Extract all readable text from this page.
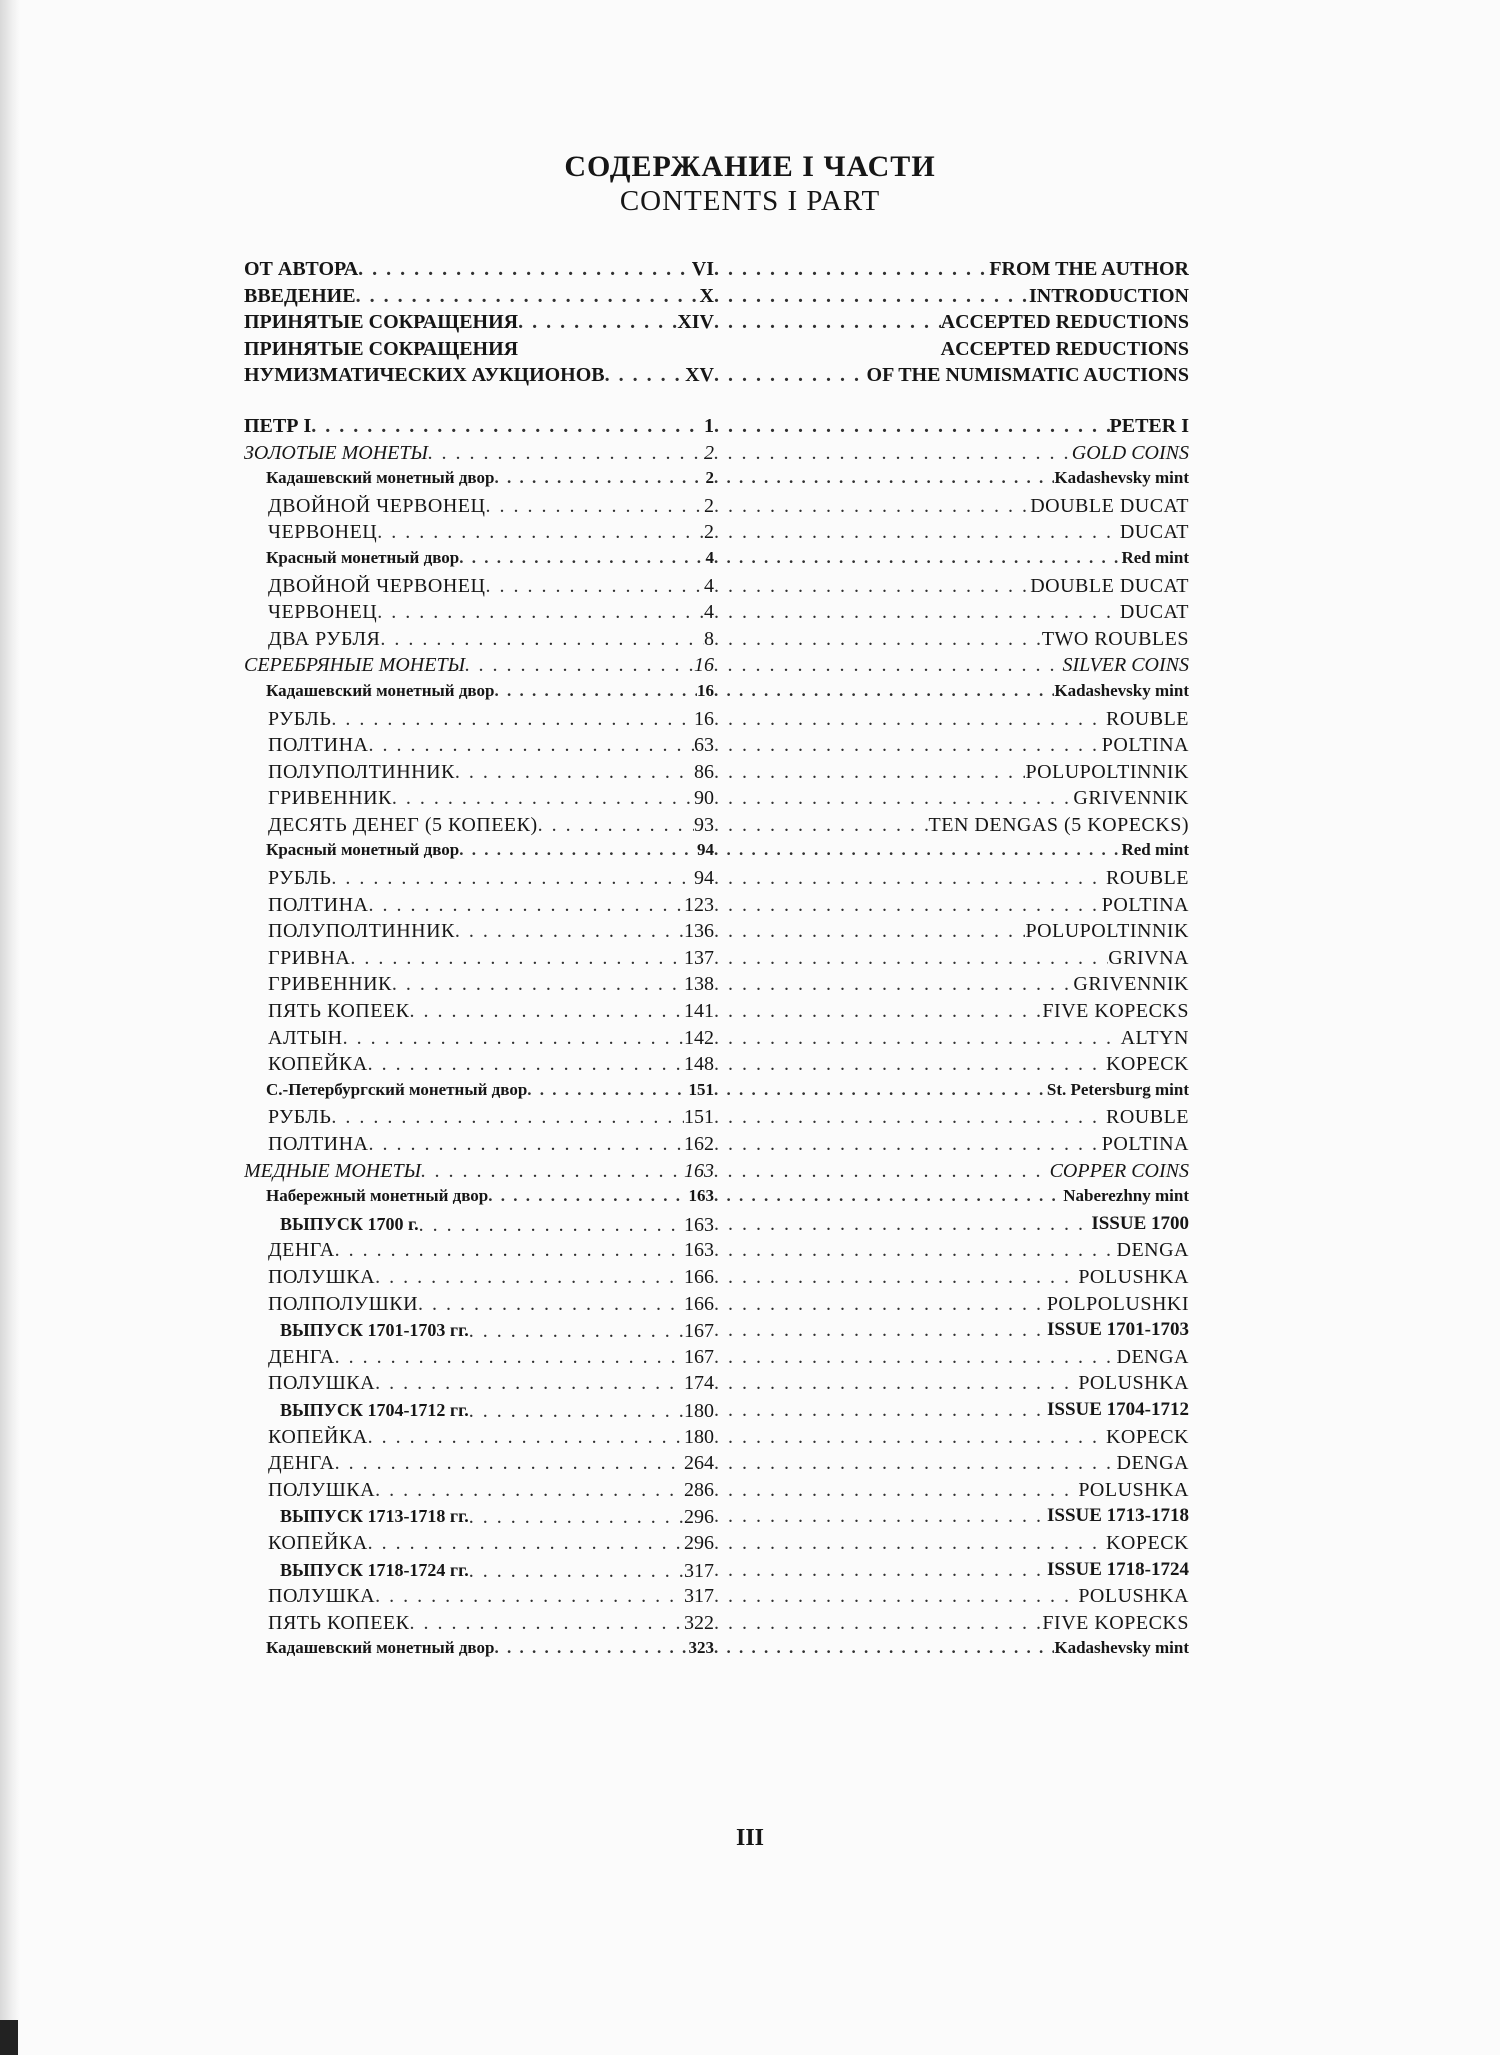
СОДЕРЖАНИЕ I ЧАСТИ
CONTENTS I PART
ОТ АВТОРА . . .	VI . . .	FROM THE AUTHOR
ВВЕДЕНИЕ . . .	X . . .	INTRODUCTION
ПРИНЯТЫЕ СОКРАЩЕНИЯ . . .	XIV . . .	ACCEPTED REDUCTIONS
ПРИНЯТЫЕ СОКРАЩЕНИЯ	ACCEPTED REDUCTIONS
НУМИЗМАТИЧЕСКИХ АУКЦИОНОВ . . .	XV . . .	OF THE NUMISMATIC AUCTIONS
ПЕТР I . . .	1 . . .	PETER I
ЗОЛОТЫЕ МОНЕТЫ . . .	2 . . .	GOLD COINS
Кадашевский монетный двор . . .	2 . . .	Kadashevsky mint
ДВОЙНОЙ ЧЕРВОНЕЦ . . .	2 . . .	DOUBLE DUCAT
ЧЕРВОНЕЦ . . .	2 . . .	DUCAT
Красный монетный двор . . .	4 . . .	Red mint
ДВОЙНОЙ ЧЕРВОНЕЦ . . .	4 . . .	DOUBLE DUCAT
ЧЕРВОНЕЦ . . .	4 . . .	DUCAT
ДВА РУБЛЯ . . .	8 . . .	TWO ROUBLES
СЕРЕБРЯНЫЕ МОНЕТЫ . . .	16 . . .	SILVER COINS
Кадашевский монетный двор . . .	16 . . .	Kadashevsky mint
РУБЛЬ . . .	16 . . .	ROUBLE
ПОЛТИНА . . .	63 . . .	POLTINA
ПОЛУПОЛТИННИК . . .	86 . . .	POLUPOLTINNIK
ГРИВЕННИК . . .	90 . . .	GRIVENNIK
ДЕСЯТЬ ДЕНЕГ (5 КОПЕЕК) . . .	93 . . .	TEN DENGAS (5 KOPECKS)
Красный монетный двор . . .	94 . . .	Red mint
РУБЛЬ . . .	94 . . .	ROUBLE
ПОЛТИНА . . .	123 . . .	POLTINA
ПОЛУПОЛТИННИК . . .	136 . . .	POLUPOLTINNIK
ГРИВНА . . .	137 . . .	GRIVNA
ГРИВЕННИК . . .	138 . . .	GRIVENNIK
ПЯТЬ КОПЕЕК . . .	141 . . .	FIVE KOPECKS
АЛТЫН . . .	142 . . .	ALTYN
КОПЕЙКА . . .	148 . . .	KOPECK
С.-Петербургский монетный двор . . .	151 . . .	St. Petersburg mint
РУБЛЬ . . .	151 . . .	ROUBLE
ПОЛТИНА . . .	162 . . .	POLTINA
МЕДНЫЕ МОНЕТЫ . . .	163 . . .	COPPER COINS
Набережный монетный двор . . .	163 . . .	Naberezhny mint
ВЫПУСК 1700 г. . . .	163 . . .	ISSUE 1700
ДЕНГА . . .	163 . . .	DENGA
ПОЛУШКА . . .	166 . . .	POLUSHKA
ПОЛПОЛУШКИ . . .	166 . . .	POLPOLUSHKI
ВЫПУСК 1701-1703 гг. . . .	167 . . .	ISSUE 1701-1703
ДЕНГА . . .	167 . . .	DENGA
ПОЛУШКА . . .	174 . . .	POLUSHKA
ВЫПУСК 1704-1712 гг. . . .	180 . . .	ISSUE 1704-1712
КОПЕЙКА . . .	180 . . .	KOPECK
ДЕНГА . . .	264 . . .	DENGA
ПОЛУШКА . . .	286 . . .	POLUSHKA
ВЫПУСК 1713-1718 гг. . . .	296 . . .	ISSUE 1713-1718
КОПЕЙКА . . .	296 . . .	KOPECK
ВЫПУСК 1718-1724 гг. . . .	317 . . .	ISSUE 1718-1724
ПОЛУШКА . . .	317 . . .	POLUSHKA
ПЯТЬ КОПЕЕК . . .	322 . . .	FIVE KOPECKS
Кадашевский монетный двор . . .	323 . . .	Kadashevsky mint
III
